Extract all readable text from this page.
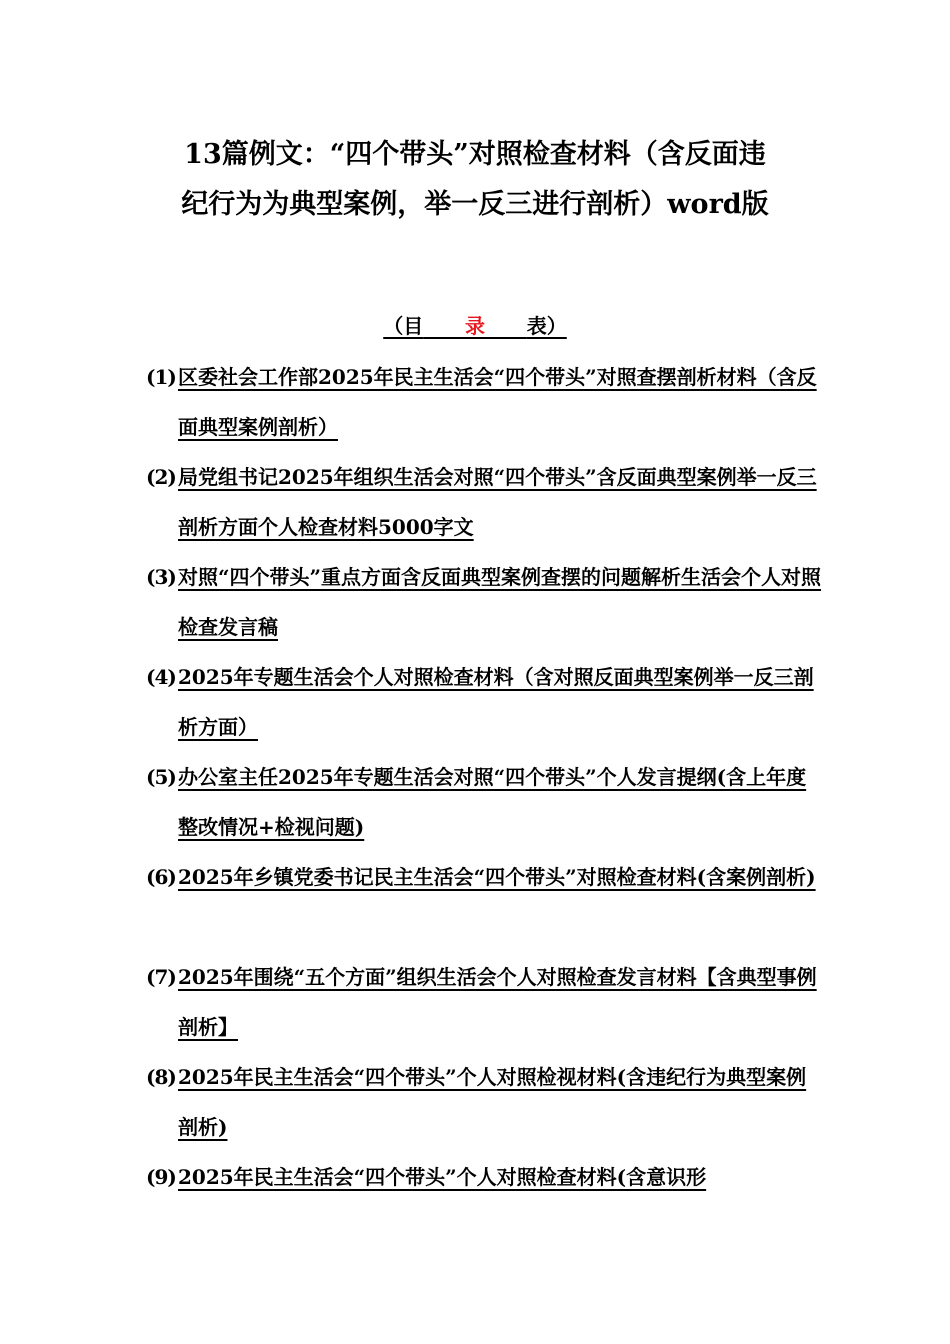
13篇例文：“四个带头”对照检查材料（含反面违
纪行为为典型案例，举一反三进行剖析）word版
（目 录 表）
(1) 区委社会工作部2025年民主生活会“四个带头”对照查摆剖析材料（含反面典型案例剖析）
(2) 局党组书记2025年组织生活会对照“四个带头”含反面典型案例举一反三剖析方面个人检查材料5000字文
(3) 对照“四个带头”重点方面含反面典型案例查摆的问题解析生活会个人对照检查发言稿
(4) 2025年专题生活会个人对照检查材料（含对照反面典型案例举一反三剖析方面）
(5) 办公室主任2025年专题生活会对照“四个带头”个人发言提纲(含上年度整改情况+检视问题)
(6) 2025年乡镇党委书记民主生活会“四个带头”对照检查材料(含案例剖析)
(7) 2025年围绕“五个方面”组织生活会个人对照检查发言材料【含典型事例剖析】
(8) 2025年民主生活会“四个带头”个人对照检视材料(含违纪行为典型案例剖析)
(9) 2025年民主生活会“四个带头”个人对照检查材料(含意识形
